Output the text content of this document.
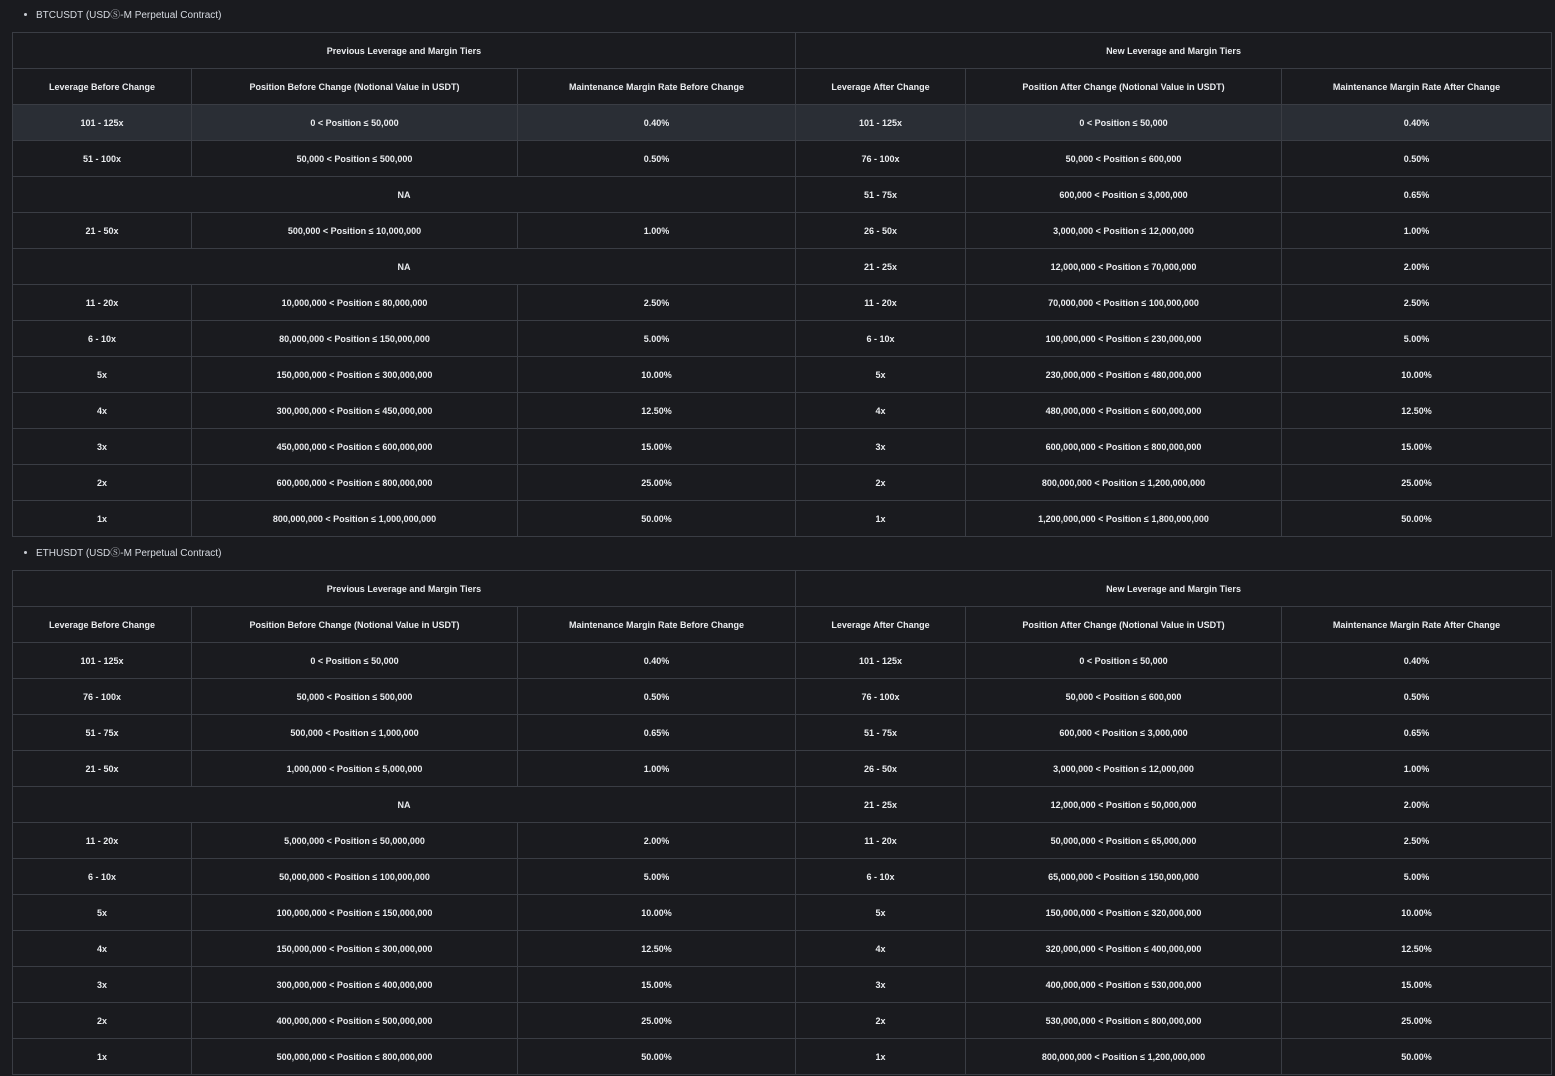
BTCUSDT (USDⓈ-M Perpetual Contract)
Previous Leverage and Margin Tiers			New Leverage and Margin Tiers		
Leverage Before Change	Position Before Change (Notional Value in USDT)	Maintenance Margin Rate Before Change	Leverage After Change	Position After Change (Notional Value in USDT)	Maintenance Margin Rate After Change
101 - 125x	0 < Position ≤ 50,000	0.40%	101 - 125x	0 < Position ≤ 50,000	0.40%
51 - 100x	50,000 < Position ≤ 500,000	0.50%	76 - 100x	50,000 < Position ≤ 600,000	0.50%
NA			51 - 75x	600,000 < Position ≤ 3,000,000	0.65%
21 - 50x	500,000 < Position ≤ 10,000,000	1.00%	26 - 50x	3,000,000 < Position ≤ 12,000,000	1.00%
NA			21 - 25x	12,000,000 < Position ≤ 70,000,000	2.00%
11 - 20x	10,000,000 < Position ≤ 80,000,000	2.50%	11 - 20x	70,000,000 < Position ≤ 100,000,000	2.50%
6 - 10x	80,000,000 < Position ≤ 150,000,000	5.00%	6 - 10x	100,000,000 < Position ≤ 230,000,000	5.00%
5x	150,000,000 < Position ≤ 300,000,000	10.00%	5x	230,000,000 < Position ≤ 480,000,000	10.00%
4x	300,000,000 < Position ≤ 450,000,000	12.50%	4x	480,000,000 < Position ≤ 600,000,000	12.50%
3x	450,000,000 < Position ≤ 600,000,000	15.00%	3x	600,000,000 < Position ≤ 800,000,000	15.00%
2x	600,000,000 < Position ≤ 800,000,000	25.00%	2x	800,000,000 < Position ≤ 1,200,000,000	25.00%
1x	800,000,000 < Position ≤ 1,000,000,000	50.00%	1x	1,200,000,000 < Position ≤ 1,800,000,000	50.00%
ETHUSDT (USDⓈ-M Perpetual Contract)
Previous Leverage and Margin Tiers			New Leverage and Margin Tiers		
Leverage Before Change	Position Before Change (Notional Value in USDT)	Maintenance Margin Rate Before Change	Leverage After Change	Position After Change (Notional Value in USDT)	Maintenance Margin Rate After Change
101 - 125x	0 < Position ≤ 50,000	0.40%	101 - 125x	0 < Position ≤ 50,000	0.40%
76 - 100x	50,000 < Position ≤ 500,000	0.50%	76 - 100x	50,000 < Position ≤ 600,000	0.50%
51 - 75x	500,000 < Position ≤ 1,000,000	0.65%	51 - 75x	600,000 < Position ≤ 3,000,000	0.65%
21 - 50x	1,000,000 < Position ≤ 5,000,000	1.00%	26 - 50x	3,000,000 < Position ≤ 12,000,000	1.00%
NA			21 - 25x	12,000,000 < Position ≤ 50,000,000	2.00%
11 - 20x	5,000,000 < Position ≤ 50,000,000	2.00%	11 - 20x	50,000,000 < Position ≤ 65,000,000	2.50%
6 - 10x	50,000,000 < Position ≤ 100,000,000	5.00%	6 - 10x	65,000,000 < Position ≤ 150,000,000	5.00%
5x	100,000,000 < Position ≤ 150,000,000	10.00%	5x	150,000,000 < Position ≤ 320,000,000	10.00%
4x	150,000,000 < Position ≤ 300,000,000	12.50%	4x	320,000,000 < Position ≤ 400,000,000	12.50%
3x	300,000,000 < Position ≤ 400,000,000	15.00%	3x	400,000,000 < Position ≤ 530,000,000	15.00%
2x	400,000,000 < Position ≤ 500,000,000	25.00%	2x	530,000,000 < Position ≤ 800,000,000	25.00%
1x	500,000,000 < Position ≤ 800,000,000	50.00%	1x	800,000,000 < Position ≤ 1,200,000,000	50.00%
